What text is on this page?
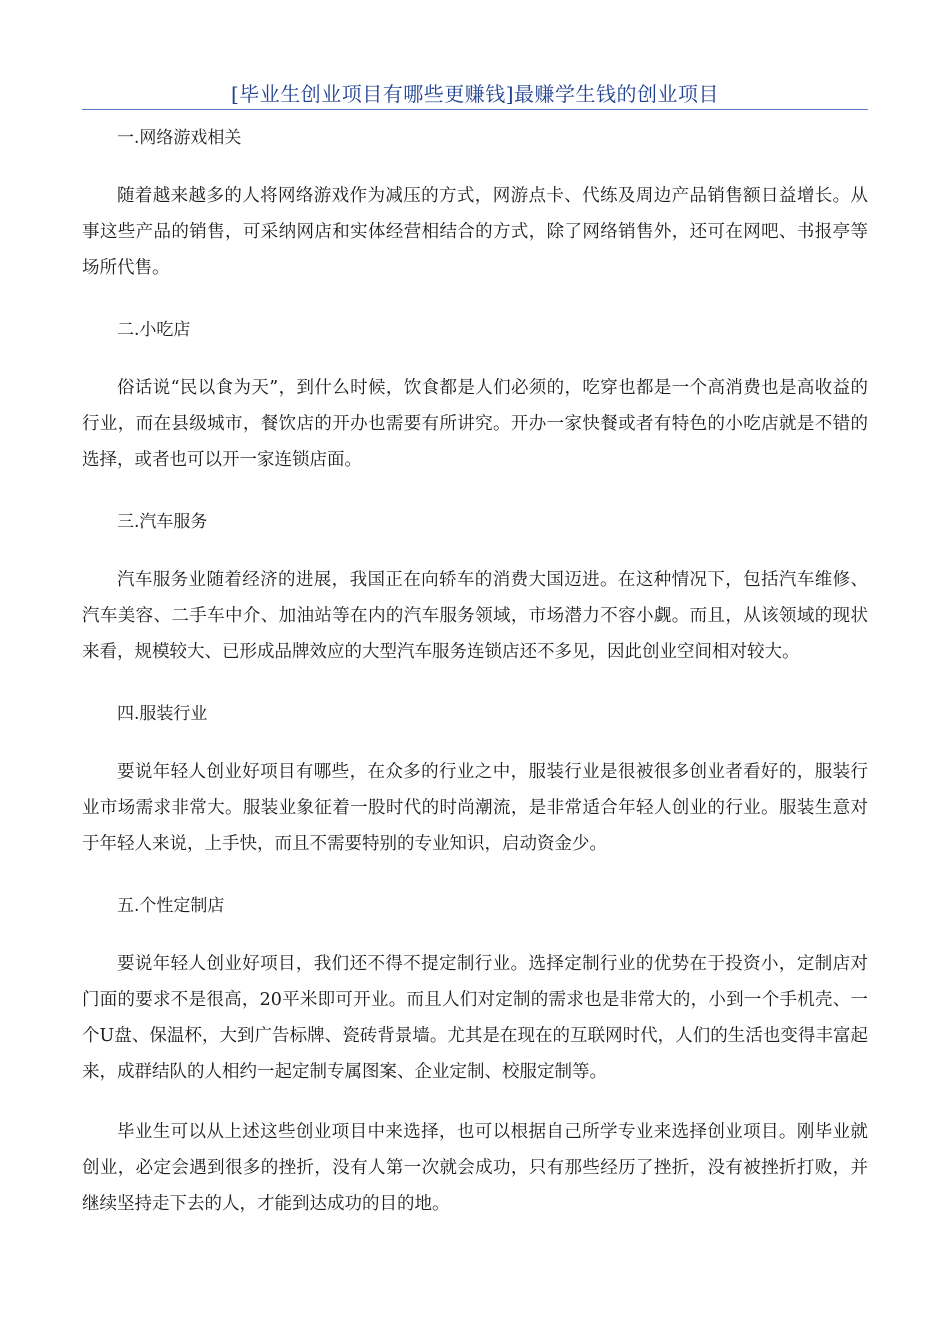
[毕业生创业项目有哪些更赚钱]最赚学生钱的创业项目

一.网络游戏相关

随着越来越多的人将网络游戏作为减压的方式，网游点卡、代练及周边产品销售额日益增长。从事这些产品的销售，可采纳网店和实体经营相结合的方式，除了网络销售外，还可在网吧、书报亭等场所代售。

二.小吃店

俗话说“民以食为天”，到什么时候，饮食都是人们必须的，吃穿也都是一个高消费也是高收益的行业，而在县级城市，餐饮店的开办也需要有所讲究。开办一家快餐或者有特色的小吃店就是不错的选择，或者也可以开一家连锁店面。

三.汽车服务

汽车服务业随着经济的进展，我国正在向轿车的消费大国迈进。在这种情况下，包括汽车维修、汽车美容、二手车中介、加油站等在内的汽车服务领域，市场潜力不容小觑。而且，从该领域的现状来看，规模较大、已形成品牌效应的大型汽车服务连锁店还不多见，因此创业空间相对较大。

四.服装行业

要说年轻人创业好项目有哪些，在众多的行业之中，服装行业是很被很多创业者看好的，服装行业市场需求非常大。服装业象征着一股时代的时尚潮流，是非常适合年轻人创业的行业。服装生意对于年轻人来说，上手快，而且不需要特别的专业知识，启动资金少。

五.个性定制店

要说年轻人创业好项目，我们还不得不提定制行业。选择定制行业的优势在于投资小，定制店对门面的要求不是很高，20平米即可开业。而且人们对定制的需求也是非常大的，小到一个手机壳、一个U盘、保温杯，大到广告标牌、瓷砖背景墙。尤其是在现在的互联网时代，人们的生活也变得丰富起来，成群结队的人相约一起定制专属图案、企业定制、校服定制等。

毕业生可以从上述这些创业项目中来选择，也可以根据自己所学专业来选择创业项目。刚毕业就创业，必定会遇到很多的挫折，没有人第一次就会成功，只有那些经历了挫折，没有被挫折打败，并继续坚持走下去的人，才能到达成功的目的地。
